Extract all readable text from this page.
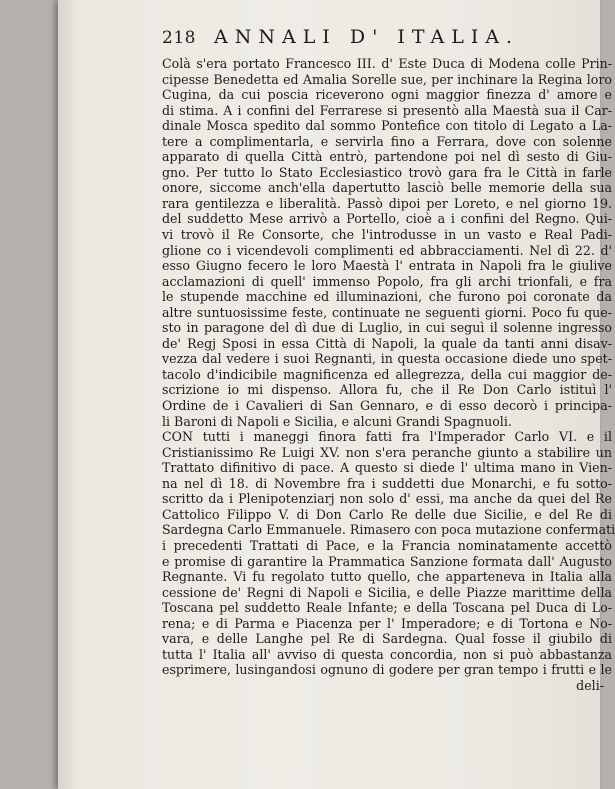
218 ANNALI D' ITALIA.
Colà s'era portato Francesco III. d' Este Duca di Modena colle Prin-
cipesse Benedetta ed Amalia Sorelle sue, per inchinare la Regina loro
Cugina, da cui poscia riceverono ogni maggior finezza d' amore e
di stima. A i confini del Ferrarese si presentò alla Maestà sua il Car-
dinale Mosca spedito dal sommo Pontefice con titolo di Legato a La-
tere a complimentarla, e servirla fino a Ferrara, dove con solenne
apparato di quella Città entrò, partendone poi nel dì sesto di Giu-
gno. Per tutto lo Stato Ecclesiastico trovò gara fra le Città in farle
onore, siccome anch'ella dapertutto lasciò belle memorie della sua
rara gentilezza e liberalità. Passò dipoi per Loreto, e nel giorno 19.
del suddetto Mese arrivò a Portello, cioè a i confini del Regno. Qui-
vi trovò il Re Consorte, che l'introdusse in un vasto e Real Padi-
glione co i vicendevoli complimenti ed abbracciamenti. Nel dì 22. d'
esso Giugno fecero le loro Maestà l' entrata in Napoli fra le giulive
acclamazioni di quell' immenso Popolo, fra gli archi trionfali, e fra
le stupende macchine ed illuminazioni, che furono poi coronate da
altre suntuosissime feste, continuate ne seguenti giorni. Poco fu que-
sto in paragone del dì due di Luglio, in cui seguì il solenne ingresso
de' Regj Sposi in essa Città di Napoli, la quale da tanti anni disav-
vezza dal vedere i suoi Regnanti, in questa occasione diede uno spet-
tacolo d'indicibile magnificenza ed allegrezza, della cui maggior de-
scrizione io mi dispenso. Allora fu, che il Re Don Carlo istituì l'
Ordine de i Cavalieri di San Gennaro, e di esso decorò i principa-
li Baroni di Napoli e Sicilia, e alcuni Grandi Spagnuoli.
CON tutti i maneggi finora fatti fra l'Imperador Carlo VI. e il
Cristianissimo Re Luigi XV. non s'era peranche giunto a stabilire un
Trattato difinitivo di pace. A questo si diede l' ultima mano in Vien-
na nel dì 18. di Novembre fra i suddetti due Monarchi, e fu sotto-
scritto da i Plenipotenziarj non solo d' essi, ma anche da quei del Re
Cattolico Filippo V. di Don Carlo Re delle due Sicilie, e del Re di
Sardegna Carlo Emmanuele. Rimasero con poca mutazione confermati
i precedenti Trattati di Pace, e la Francia nominatamente accettò
e promise di garantire la Prammatica Sanzione formata dall' Augusto
Regnante. Vi fu regolato tutto quello, che apparteneva in Italia alla
cessione de' Regni di Napoli e Sicilia, e delle Piazze marittime della
Toscana pel suddetto Reale Infante; e della Toscana pel Duca di Lo-
rena; e di Parma e Piacenza per l' Imperadore; e di Tortona e No-
vara, e delle Langhe pel Re di Sardegna. Qual fosse il giubilo di
tutta l' Italia all' avviso di questa concordia, non si può abbastanza
esprimere, lusingandosi ognuno di godere per gran tempo i frutti e le
deli-
